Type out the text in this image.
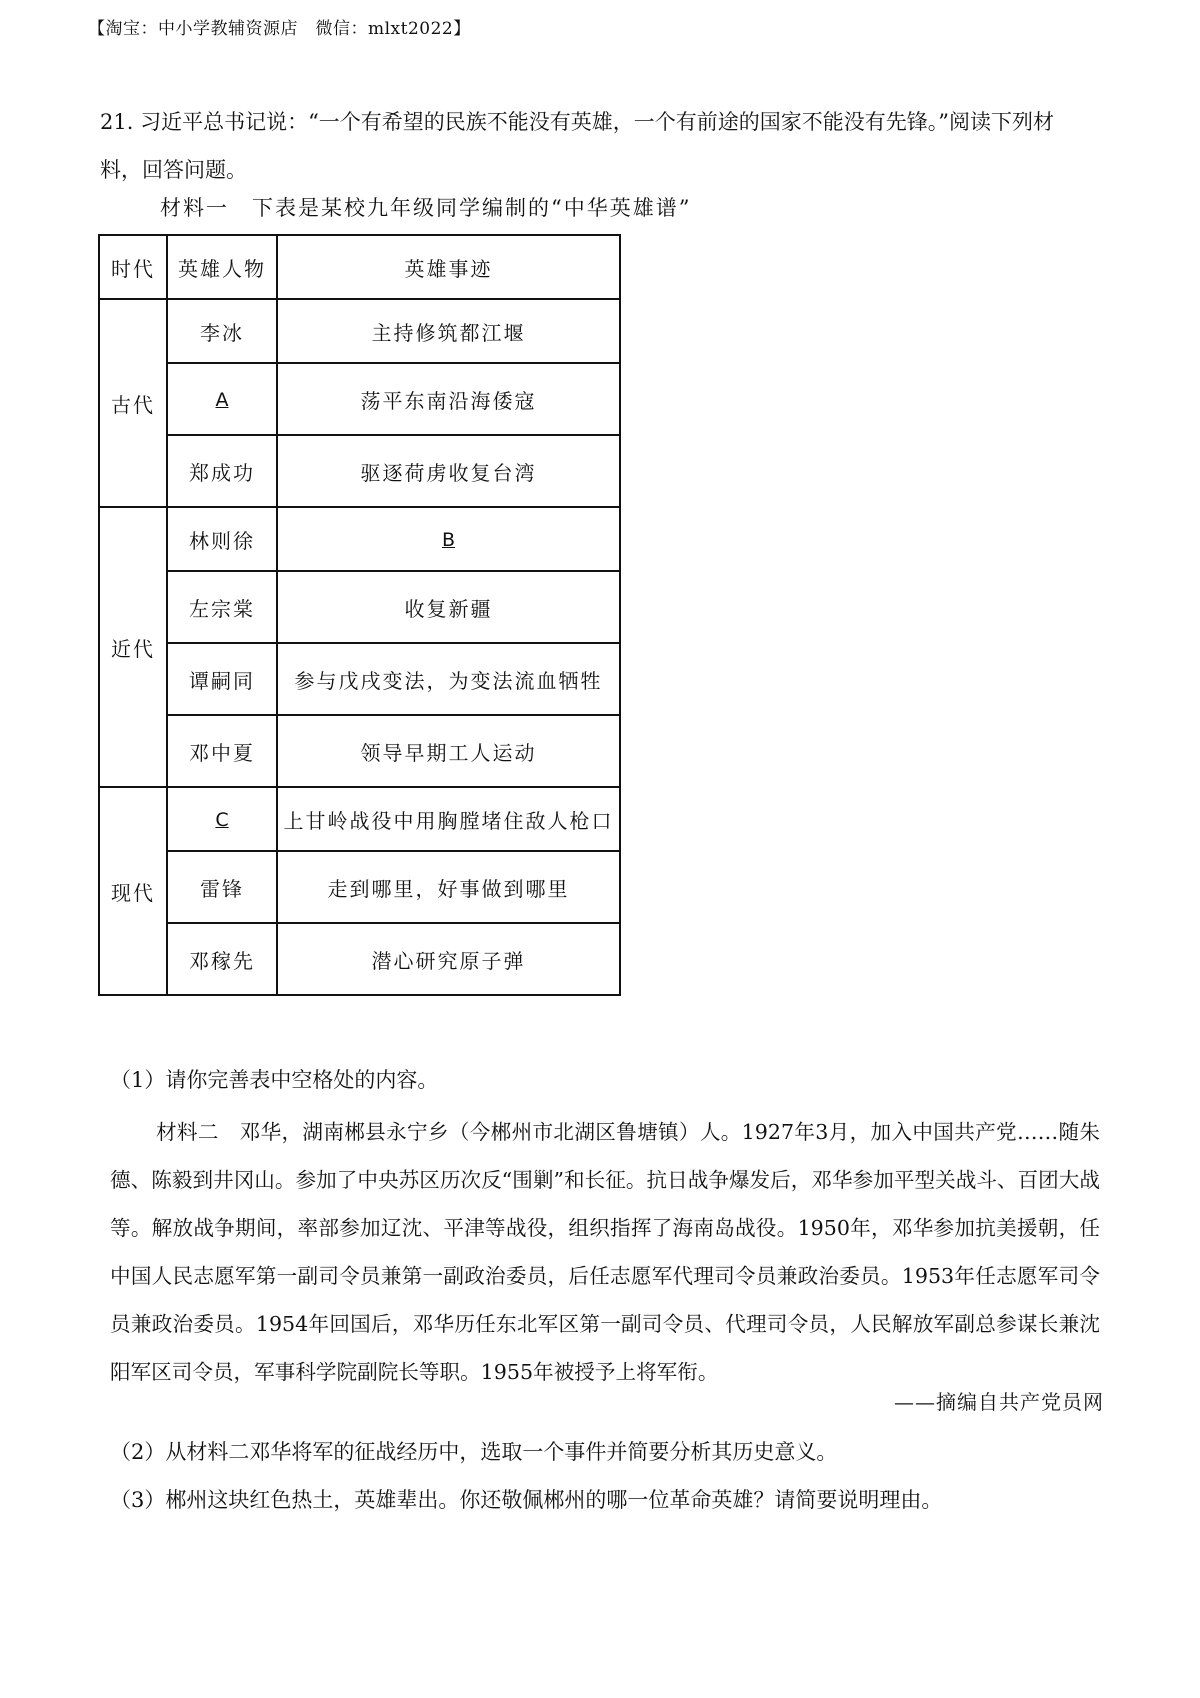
【淘宝：中小学教辅资源店　微信：mlxt2022】
21. 习近平总书记说：“一个有希望的民族不能没有英雄，一个有前途的国家不能没有先锋。”阅读下列材
料，回答问题。
材料一　下表是某校九年级同学编制的“中华英雄谱”
时代	英雄人物	英雄事迹
古代	李冰	主持修筑都江堰
	A	荡平东南沿海倭寇
	郑成功	驱逐荷虏收复台湾
近代	林则徐	B
	左宗棠	收复新疆
	谭嗣同	参与戊戌变法，为变法流血牺牲
	邓中夏	领导早期工人运动
现代	C	上甘岭战役中用胸膛堵住敌人枪口
	雷锋	走到哪里，好事做到哪里
	邓稼先	潜心研究原子弹
（1）请你完善表中空格处的内容。
材料二　邓华，湖南郴县永宁乡（今郴州市北湖区鲁塘镇）人。1927年3月，加入中国共产党……随朱德、陈毅到井冈山。参加了中央苏区历次反“围剿”和长征。抗日战争爆发后，邓华参加平型关战斗、百团大战等。解放战争期间，率部参加辽沈、平津等战役，组织指挥了海南岛战役。1950年，邓华参加抗美援朝，任中国人民志愿军第一副司令员兼第一副政治委员，后任志愿军代理司令员兼政治委员。1953年任志愿军司令员兼政治委员。1954年回国后，邓华历任东北军区第一副司令员、代理司令员，人民解放军副总参谋长兼沈阳军区司令员，军事科学院副院长等职。1955年被授予上将军衔。
——摘编自共产党员网
（2）从材料二邓华将军的征战经历中，选取一个事件并简要分析其历史意义。
（3）郴州这块红色热土，英雄辈出。你还敬佩郴州的哪一位革命英雄？请简要说明理由。
